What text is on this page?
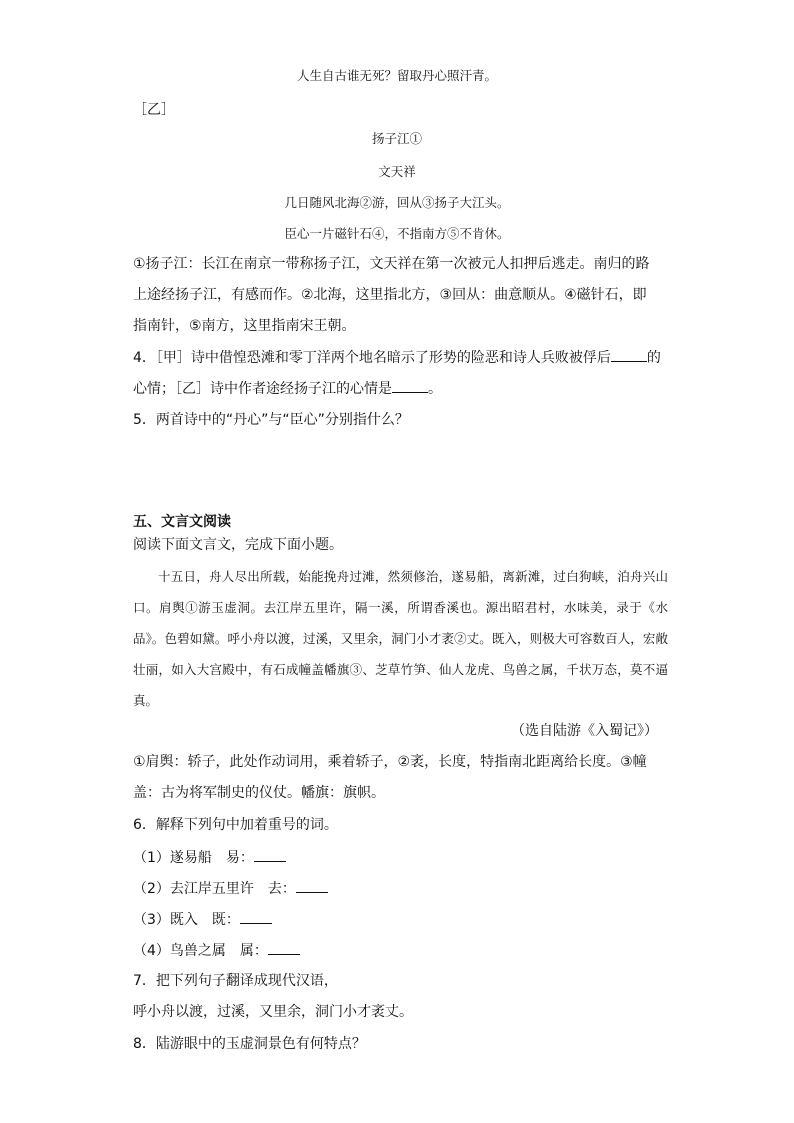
人生自古谁无死？留取丹心照汗青。
［乙］
扬子江①
文天祥
几日随风北海②游，回从③扬子大江头。
臣心一片磁针石④，不指南方⑤不肯休。
①扬子江：长江在南京一带称扬子江，文天祥在第一次被元人扣押后逃走。南归的路
上途经扬子江，有感而作。②北海，这里指北方，③回从：曲意顺从。④磁针石，即
指南针，⑤南方，这里指南宋王朝。
4．［甲］诗中借惶恐滩和零丁洋两个地名暗示了形势的险恶和诗人兵败被俘后	的
心情；［乙］诗中作者途经扬子江的心情是	。
5．两首诗中的“丹心”与“臣心”分别指什么？
五、文言文阅读
阅读下面文言文，完成下面小题。
十五日，舟人尽出所载，始能挽舟过滩，然须修治，遂易船，离新滩，过白狗峡，泊舟兴山口。肩舆①游玉虚洞。去江岸五里许，隔一溪，所谓香溪也。源出昭君村，水味美，录于《水品》。色碧如黛。呼小舟以渡，过溪，又里余，洞门小才袤②丈。既入，则极大可容数百人，宏敞壮丽，如入大宫殿中，有石成幢盖幡旗③、芝草竹笋、仙人龙虎、鸟兽之属，千状万态，莫不逼真。
（选自陆游《入蜀记》）
①肩舆：轿子，此处作动词用，乘着轿子，②袤，长度，特指南北距离给长度。③幢
盖：古为将军制史的仪仗。幡旗：旗帜。
6．解释下列句中加着重号的词。
（1）遂易船　易：
（2）去江岸五里许　去：
（3）既入　既：
（4）鸟兽之属　属：
7．把下列句子翻译成现代汉语，
呼小舟以渡，过溪，又里余，洞门小才袤丈。
8．陆游眼中的玉虚洞景色有何特点？
